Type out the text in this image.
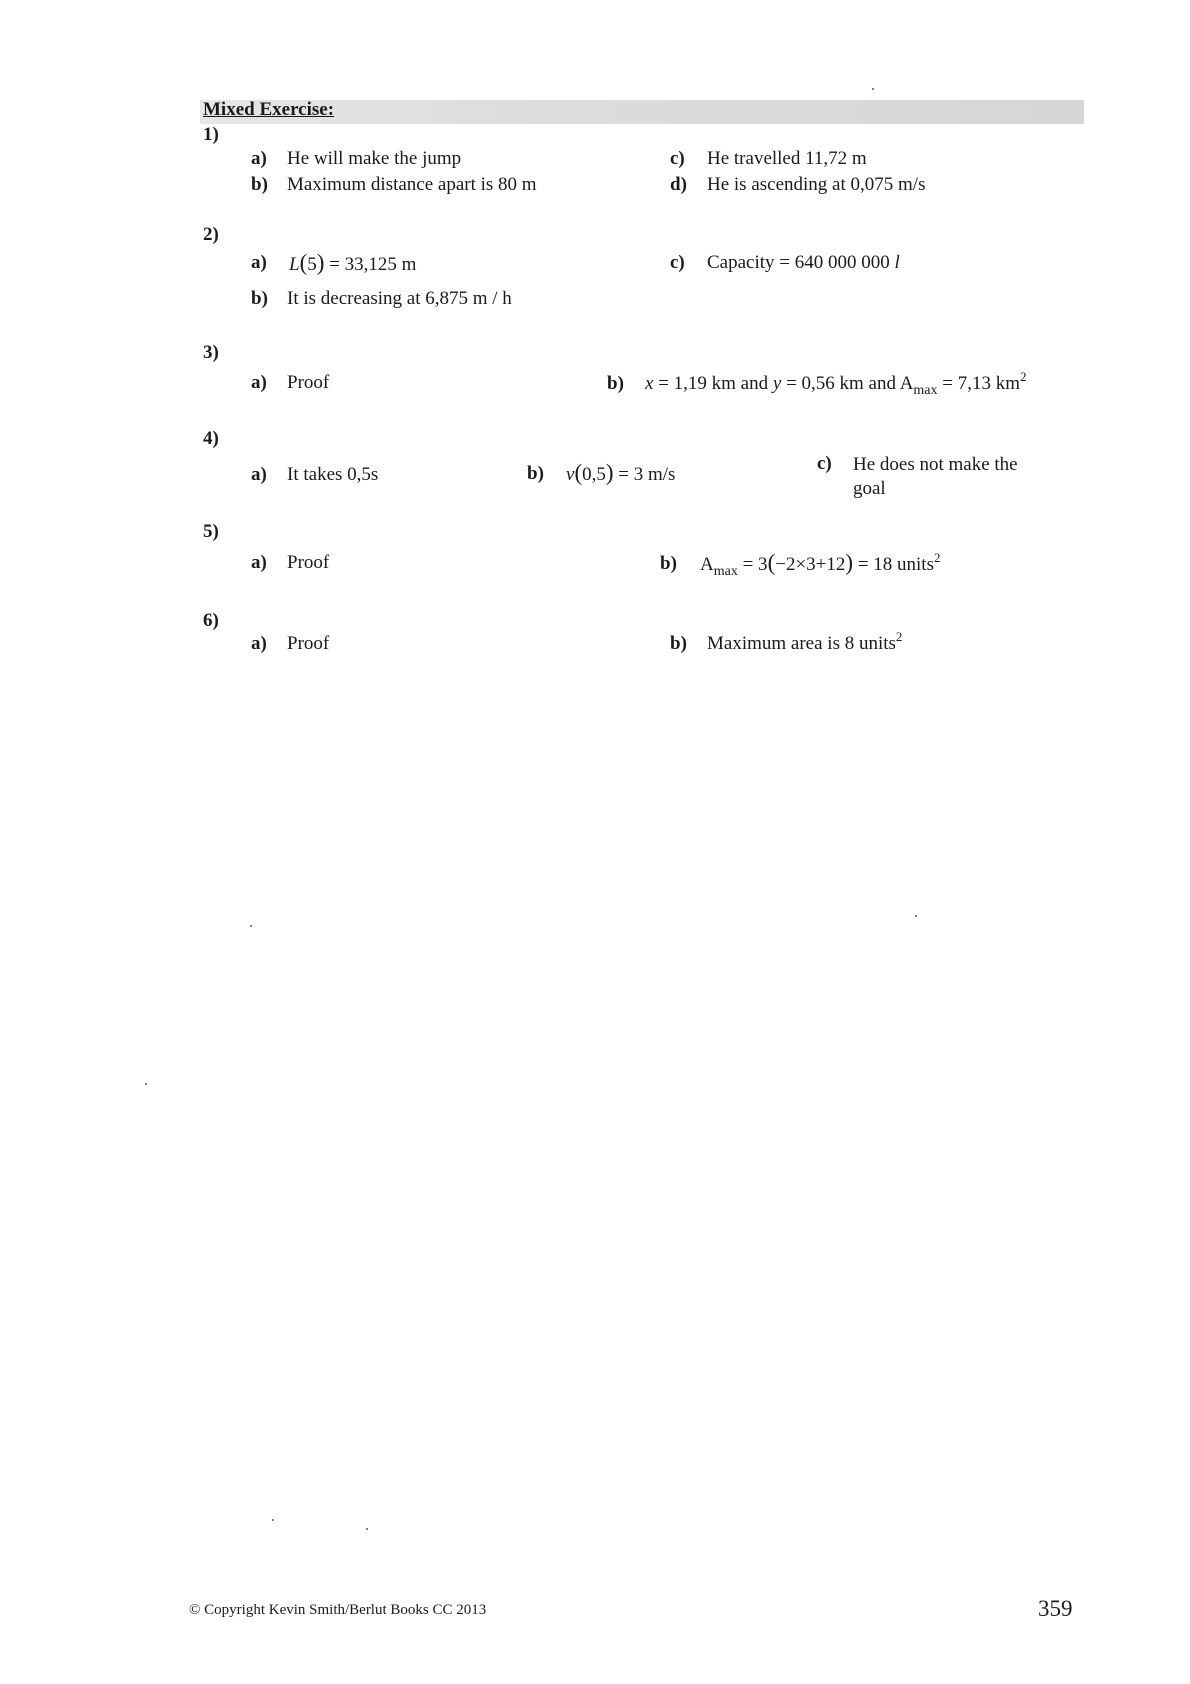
Mixed Exercise:
1)
a) He will make the jump
b) Maximum distance apart is 80 m
c) He travelled 11,72 m
d) He is ascending at 0,075 m/s
2)
a) L(5) = 33,125 m
b) It is decreasing at 6,875 m / h
c) Capacity = 640 000 000 l
3)
a) Proof	b) x = 1,19 km and y = 0,56 km and $A_{max} = 7,13$ $km^2$
4)
a) It takes 0,5s	b) v(0,5) = 3 m/s
c) He does not make the goal
5)
a) Proof	b) $A_{max} = 3(-2\times 3+12) = 18$ units$^2$
6)
a) Proof	b) Maximum area is 8 units$^2$
© Copyright Kevin Smith/Berlut Books CC 2013	359
